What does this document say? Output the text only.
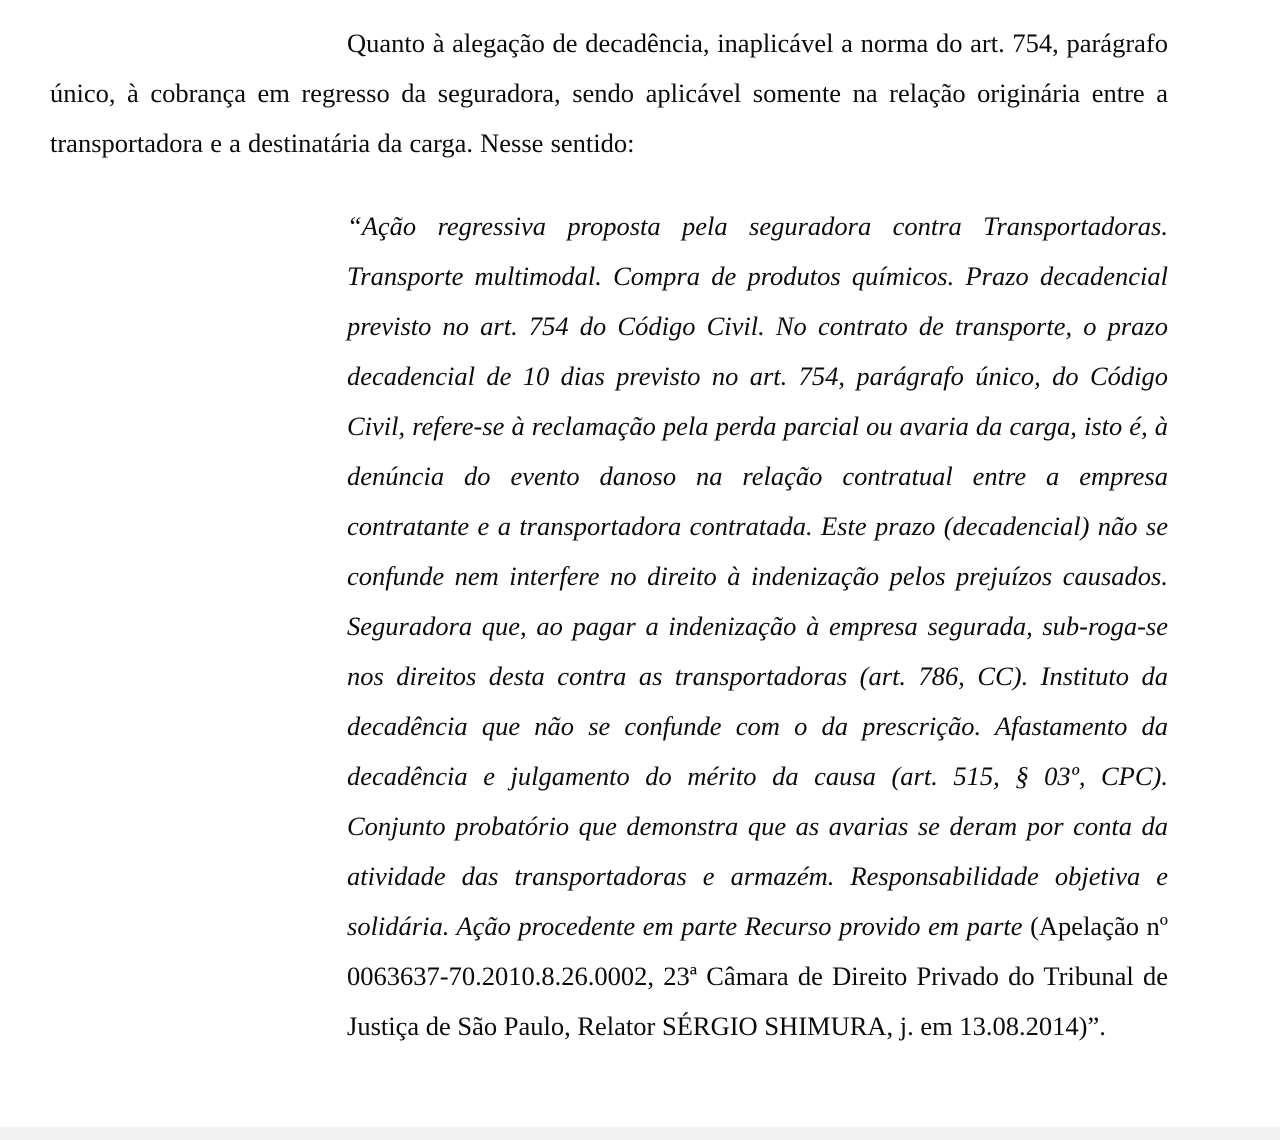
Quanto à alegação de decadência, inaplicável a norma do art. 754, parágrafo único, à cobrança em regresso da seguradora, sendo aplicável somente na relação originária entre a transportadora e a destinatária da carga. Nesse sentido:

“Ação regressiva proposta pela seguradora contra Transportadoras. Transporte multimodal. Compra de produtos químicos. Prazo decadencial previsto no art. 754 do Código Civil. No contrato de transporte, o prazo decadencial de 10 dias previsto no art. 754, parágrafo único, do Código Civil, refere-se à reclamação pela perda parcial ou avaria da carga, isto é, à denúncia do evento danoso na relação contratual entre a empresa contratante e a transportadora contratada. Este prazo (decadencial) não se confunde nem interfere no direito à indenização pelos prejuízos causados. Seguradora que, ao pagar a indenização à empresa segurada, sub-roga-se nos direitos desta contra as transportadoras (art. 786, CC). Instituto da decadência que não se confunde com o da prescrição. Afastamento da decadência e julgamento do mérito da causa (art. 515, § 03º, CPC). Conjunto probatório que demonstra que as avarias se deram por conta da atividade das transportadoras e armazém. Responsabilidade objetiva e solidária. Ação procedente em parte Recurso provido em parte (Apelação nº 0063637-70.2010.8.26.0002, 23ª Câmara de Direito Privado do Tribunal de Justiça de São Paulo, Relator SÉRGIO SHIMURA, j. em 13.08.2014)”.
